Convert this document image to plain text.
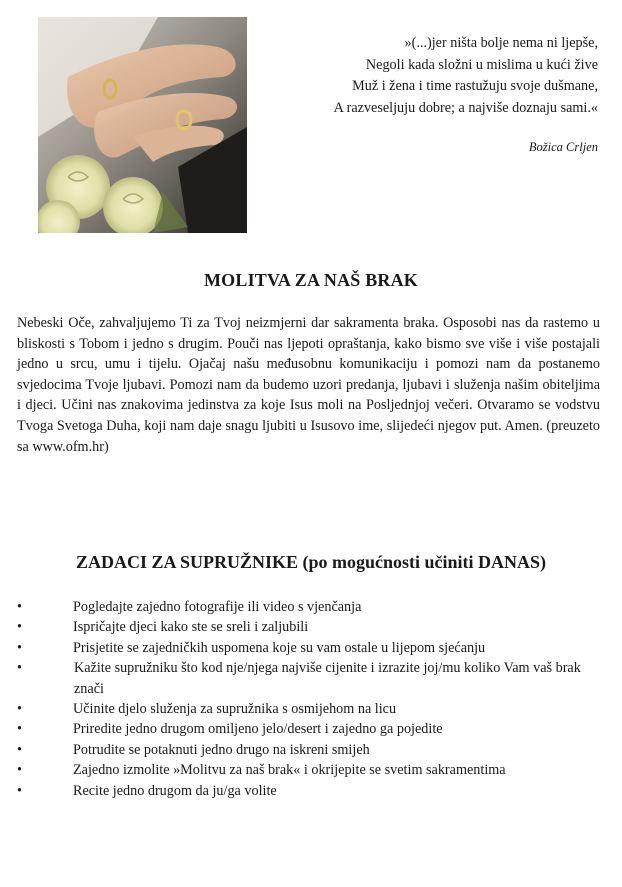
»(...)jer ništa bolje nema ni ljepše,
Negoli kada složni u mislima u kući žive
Muž i žena i time rastužuju svoje dušmane,
A razveseljuju dobre; a najviše doznaju sami.«
Božica Crljen
MOLITVA ZA NAŠ BRAK

Nebeski Oče, zahvaljujemo Ti za Tvoj neizmjerni dar sakramenta braka. Osposobi nas da rastemo u bliskosti s Tobom i jedno s drugim. Pouči nas ljepoti opraštanja, kako bismo sve više i više postajali jedno u srcu, umu i tijelu. Ojačaj našu međusobnu komunikaciju i pomozi nam da postanemo svjedocima Tvoje ljubavi. Pomozi nam da budemo uzori predanja, ljubavi i služenja našim obiteljima i djeci. Učini nas znakovima jedinstva za koje Isus moli na Posljednjoj večeri. Otvaramo se vodstvu Tvoga Svetoga Duha, koji nam daje snagu ljubiti u Isusovo ime, slijedeći njegov put. Amen. (preuzeto sa www.ofm.hr)

ZADACI ZA SUPRUŽNIKE (po mogućnosti učiniti DANAS)
• Pogledajte zajedno fotografije ili video s vjenčanja
• Ispričajte djeci kako ste se sreli i zaljubili
• Prisjetite se zajedničkih uspomena koje su vam ostale u lijepom sjećanju
• Kažite supružniku što kod nje/njega najviše cijenite i izrazite joj/mu koliko Vam vaš brak znači
• Učinite djelo služenja za supružnika s osmijehom na licu
• Priredite jedno drugom omiljeno jelo/desert i zajedno ga pojedite
• Potrudite se potaknuti jedno drugo na iskreni smijeh
• Zajedno izmolite »Molitvu za naš brak« i okrijepite se svetim sakramentima
• Recite jedno drugom da ju/ga volite
